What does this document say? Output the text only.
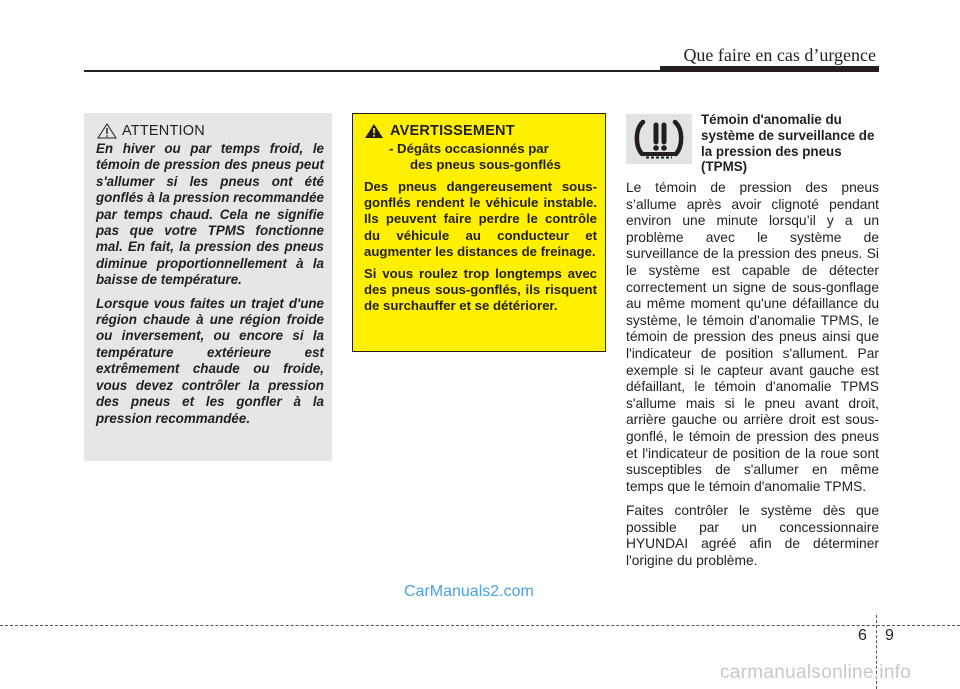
Que faire en cas d’urgence
ATTENTION

En hiver ou par temps froid, le témoin de pression des pneus peut s'allumer si les pneus ont été gonflés à la pression recommandée par temps chaud. Cela ne signifie pas que votre TPMS fonctionne mal. En fait, la pression des pneus diminue proportionnellement à la baisse de température.

Lorsque vous faites un trajet d'une région chaude à une région froide ou inversement, ou encore si la température extérieure est extrêmement chaude ou froide, vous devez contrôler la pression des pneus et les gonfler à la pression recommandée.

AVERTISSEMENT
- Dégâts occasionnés par
des pneus sous-gonflés

Des pneus dangereusement sous-gonflés rendent le véhicule instable. Ils peuvent faire perdre le contrôle du véhicule au conducteur et augmenter les distances de freinage.

Si vous roulez trop longtemps avec des pneus sous-gonflés, ils risquent de surchauffer et se détériorer.

Témoin d'anomalie du système de surveillance de la pression des pneus (TPMS)

Le témoin de pression des pneus s’allume après avoir clignoté pendant environ une minute lorsqu’il y a un problème avec le système de surveillance de la pression des pneus. Si le système est capable de détecter correctement un signe de sous-gonflage au même moment qu'une défaillance du système, le témoin d'anomalie TPMS, le témoin de pression des pneus ainsi que l'indicateur de position s'allument. Par exemple si le capteur avant gauche est défaillant, le témoin d'anomalie TPMS s'allume mais si le pneu avant droit, arrière gauche ou arrière droit est sous-gonflé, le témoin de pression des pneus et l'indicateur de position de la roue sont susceptibles de s'allumer en même temps que le témoin d'anomalie TPMS.

Faites contrôler le système dès que possible par un concessionnaire HYUNDAI agréé afin de déterminer l'origine du problème.

CarManuals2.com
6 9
carmanualsonline.info
